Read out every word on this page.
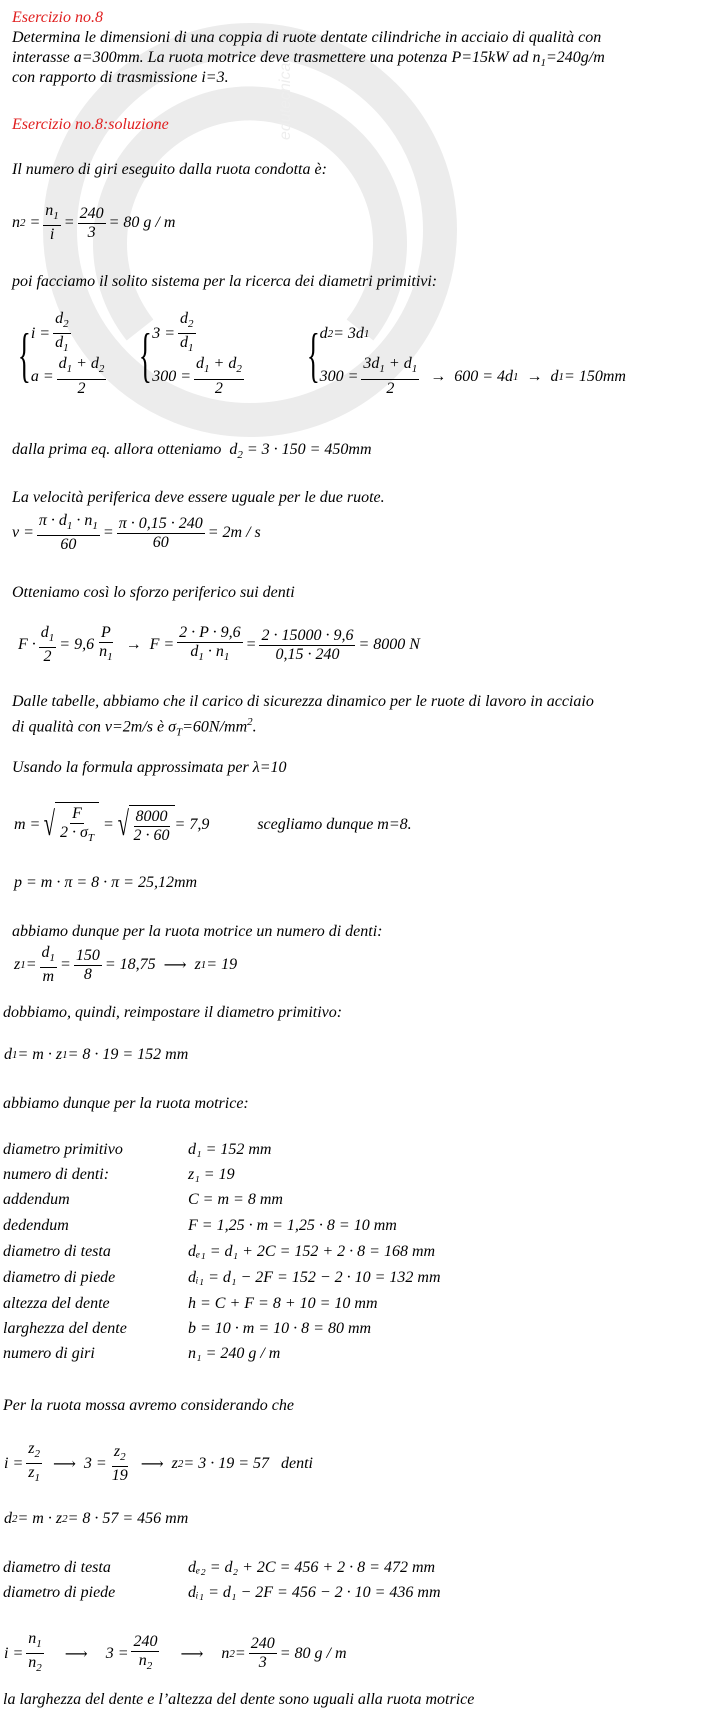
edutecnica
Esercizio no.8
Determina le dimensioni di una coppia di ruote dentate cilindriche in acciaio di qualità con
interasse a=300mm. La ruota motrice deve trasmettere una potenza P=15kW ad $n_1=240g/m$
con rapporto di trasmissione i=3.
Esercizio no.8:soluzione
Il numero di giri eseguito dalla ruota condotta è:
n 2 =
$n_1$
i
=
240
3
= 80 g / m
poi facciamo il solito sistema per la ricerca dei diametri primitivi:
{ i =
$d_2$
$d_1$
a =
$d_1 + d_2$
2
{ 3 =
$d_2$
$d_1$
300 =
$d_1 + d_2$
2
{ d 2 = 3d 1
300 =
$3d_1 + d_1$
2
→ 600 = 4d 1 → d 1 = 150mm
dalla prima eq. allora otteniamo  $d_2 = 3 \cdot 150 = 450mm$
La velocità periferica deve essere uguale per le due ruote.
v =
$\pi \cdot d_1 \cdot n_1$
60
=
π · 0,15 · 240
60
= 2m / s
Otteniamo così lo sforzo periferico sui denti
F ·
$d_1$
2
= 9,6
P
$n_1$
→ F =
2 · P · 9,6
$d_1 \cdot n_1$
=
2 · 15000 · 9,6
0,15 · 240
= 8000 N
Dalle tabelle, abbiamo che il carico di sicurezza dinamico per le ruote di lavoro in acciaio
di qualità con v=2m/s è $\sigma_T=60N/mm^2$.
Usando la formula approssimata per λ=10
m = √ $\frac{F}{2 \cdot \sigma_T}$ = √ $\frac{8000}{2 \cdot 60} = 7,9$	scegliamo dunque m=8.
p = m · π = 8 · π = 25,12mm
abbiamo dunque per la ruota motrice un numero di denti:
z 1 =
$d_1$
m
=
150
8
= 18,75 ⟶ z 1 = 19
dobbiamo, quindi, reimpostare il diametro primitivo:
d 1 = m · z 1 = 8 · 19 = 152 mm
abbiamo dunque per la ruota motrice:
diametro primitivo	d₁ = 152 mm
numero di denti:	z₁ = 19
addendum	C = m = 8 mm
dedendum	F = 1,25 · m = 1,25 · 8 = 10 mm
diametro di testa	dₑ₁ = d₁ + 2C = 152 + 2 · 8 = 168 mm
diametro di piede	dᵢ₁ = d₁ − 2F = 152 − 2 · 10 = 132 mm
altezza del dente	h = C + F = 8 + 10 = 10 mm
larghezza del dente	b = 10 · m = 10 · 8 = 80 mm
numero di giri	n₁ = 240 g / m
Per la ruota mossa avremo considerando che
i =
$z_2$
$z_1$
⟶ 3 =
$z_2$
19
⟶ z 2 = 3 · 19 = 57   denti
d 2 = m · z 2 = 8 · 57 = 456 mm
diametro di testa	dₑ₂ = d₂ + 2C = 456 + 2 · 8 = 472 mm
diametro di piede	dᵢ₁ = d₁ − 2F = 456 − 2 · 10 = 436 mm
i =
$n_1$
$n_2$
⟶ 3 =
240
$n_2$
⟶ n 2 =
240
3
= 80 g / m
la larghezza del dente e l’altezza del dente sono uguali alla ruota motrice
